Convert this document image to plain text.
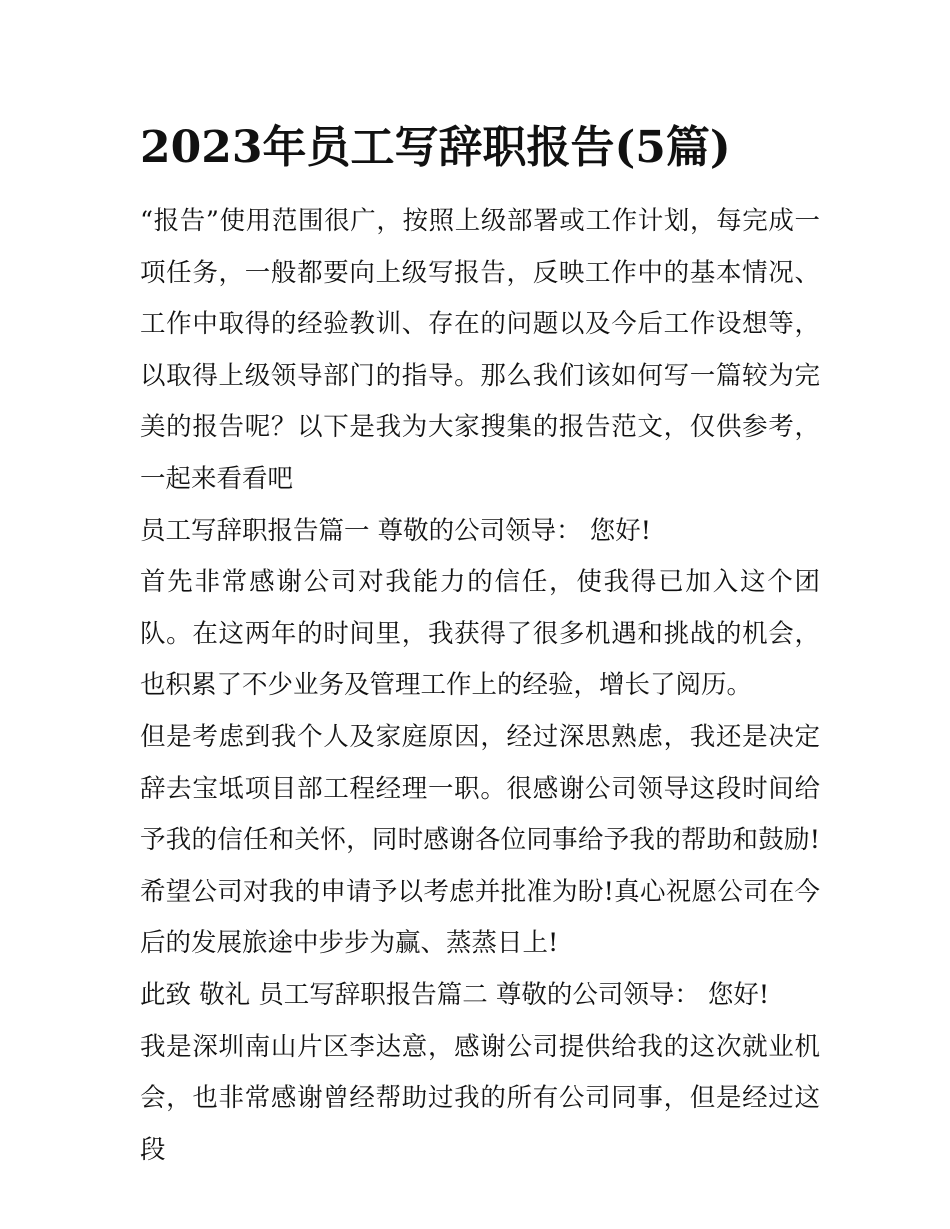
2023年员工写辞职报告(5篇)

“报告”使用范围很广，按照上级部署或工作计划，每完成一项任务，一般都要向上级写报告，反映工作中的基本情况、工作中取得的经验教训、存在的问题以及今后工作设想等，以取得上级领导部门的指导。那么我们该如何写一篇较为完美的报告呢？以下是我为大家搜集的报告范文，仅供参考，一起来看看吧

员工写辞职报告篇一 尊敬的公司领导： 您好!

首先非常感谢公司对我能力的信任，使我得已加入这个团队。在这两年的时间里，我获得了很多机遇和挑战的机会，也积累了不少业务及管理工作上的经验，增长了阅历。

但是考虑到我个人及家庭原因，经过深思熟虑，我还是决定辞去宝坻项目部工程经理一职。很感谢公司领导这段时间给予我的信任和关怀，同时感谢各位同事给予我的帮助和鼓励!希望公司对我的申请予以考虑并批准为盼!真心祝愿公司在今后的发展旅途中步步为赢、蒸蒸日上!

此致 敬礼 员工写辞职报告篇二 尊敬的公司领导： 您好!

我是深圳南山片区李达意，感谢公司提供给我的这次就业机会，也非常感谢曾经帮助过我的所有公司同事，但是经过这段
